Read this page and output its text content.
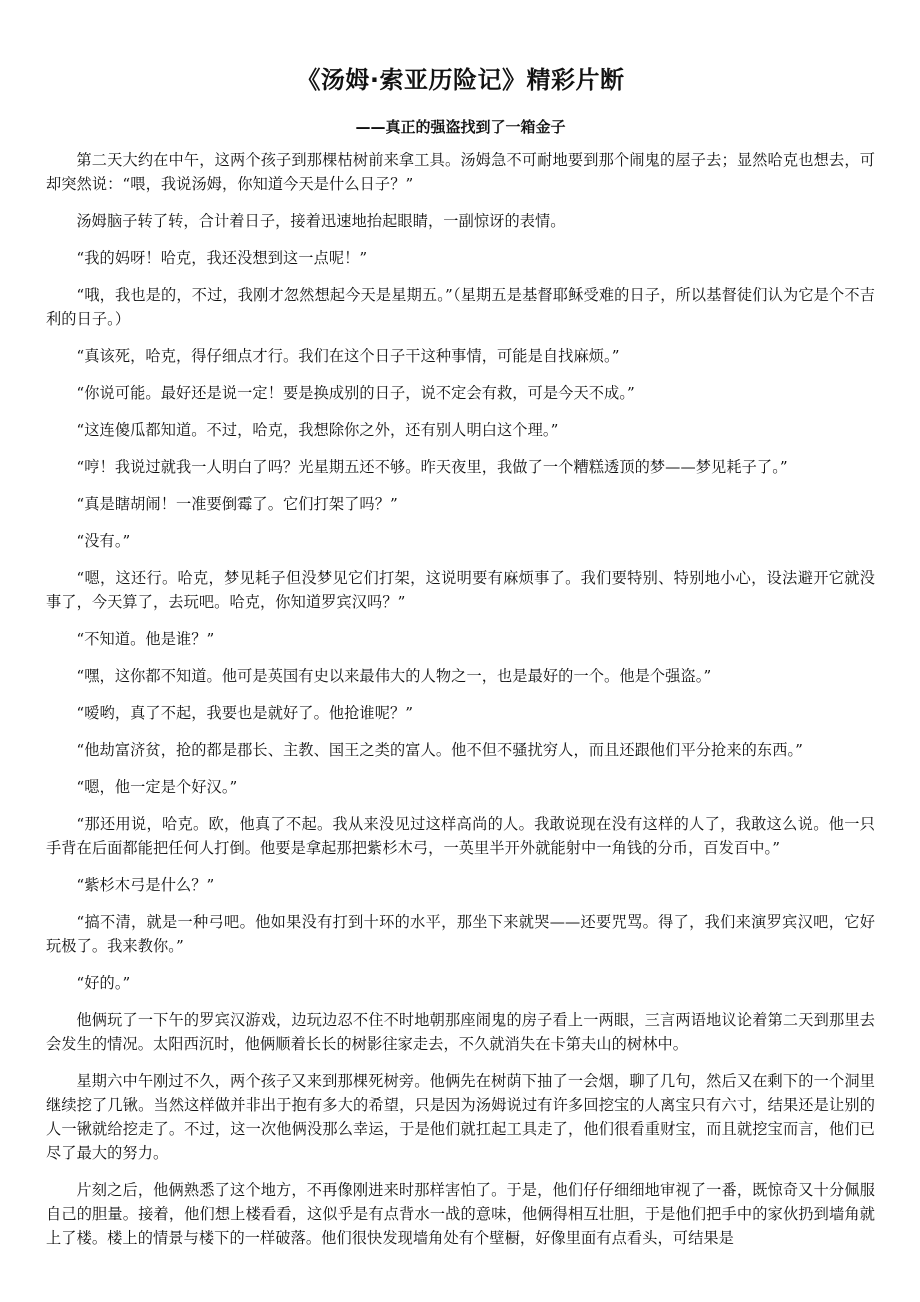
《汤姆·索亚历险记》精彩片断
——真正的强盗找到了一箱金子

第二天大约在中午，这两个孩子到那棵枯树前来拿工具。汤姆急不可耐地要到那个闹鬼的屋子去；显然哈克也想去，可却突然说：“喂，我说汤姆，你知道今天是什么日子？”

汤姆脑子转了转，合计着日子，接着迅速地抬起眼睛，一副惊讶的表情。

“我的妈呀！哈克，我还没想到这一点呢！”

“哦，我也是的，不过，我刚才忽然想起今天是星期五。”（星期五是基督耶稣受难的日子，所以基督徒们认为它是个不吉利的日子。）

“真该死，哈克，得仔细点才行。我们在这个日子干这种事情，可能是自找麻烦。”

“你说可能。最好还是说一定！要是换成别的日子，说不定会有救，可是今天不成。”

“这连傻瓜都知道。不过，哈克，我想除你之外，还有别人明白这个理。”

“哼！我说过就我一人明白了吗？光星期五还不够。昨天夜里，我做了一个糟糕透顶的梦——梦见耗子了。”

“真是瞎胡闹！一准要倒霉了。它们打架了吗？”

“没有。”

“嗯，这还行。哈克，梦见耗子但没梦见它们打架，这说明要有麻烦事了。我们要特别、特别地小心，设法避开它就没事了，今天算了，去玩吧。哈克，你知道罗宾汉吗？”

“不知道。他是谁？”

“嘿，这你都不知道。他可是英国有史以来最伟大的人物之一，也是最好的一个。他是个强盗。”

“嗳哟，真了不起，我要也是就好了。他抢谁呢？”

“他劫富济贫，抢的都是郡长、主教、国王之类的富人。他不但不骚扰穷人，而且还跟他们平分抢来的东西。”

“嗯，他一定是个好汉。”

“那还用说，哈克。欧，他真了不起。我从来没见过这样高尚的人。我敢说现在没有这样的人了，我敢这么说。他一只手背在后面都能把任何人打倒。他要是拿起那把紫杉木弓，一英里半开外就能射中一角钱的分币，百发百中。”

“紫杉木弓是什么？”

“搞不清，就是一种弓吧。他如果没有打到十环的水平，那坐下来就哭——还要咒骂。得了，我们来演罗宾汉吧，它好玩极了。我来教你。”

“好的。”

他俩玩了一下午的罗宾汉游戏，边玩边忍不住不时地朝那座闹鬼的房子看上一两眼，三言两语地议论着第二天到那里去会发生的情况。太阳西沉时，他俩顺着长长的树影往家走去，不久就消失在卡第夫山的树林中。

星期六中午刚过不久，两个孩子又来到那棵死树旁。他俩先在树荫下抽了一会烟，聊了几句，然后又在剩下的一个洞里继续挖了几锹。当然这样做并非出于抱有多大的希望，只是因为汤姆说过有许多回挖宝的人离宝只有六寸，结果还是让别的人一锹就给挖走了。不过，这一次他俩没那么幸运，于是他们就扛起工具走了，他们很看重财宝，而且就挖宝而言，他们已尽了最大的努力。

片刻之后，他俩熟悉了这个地方，不再像刚进来时那样害怕了。于是，他们仔仔细细地审视了一番，既惊奇又十分佩服自己的胆量。接着，他们想上楼看看，这似乎是有点背水一战的意味，他俩得相互壮胆，于是他们把手中的家伙扔到墙角就上了楼。楼上的情景与楼下的一样破落。他们很快发现墙角处有个壁橱，好像里面有点看头，可结果是
